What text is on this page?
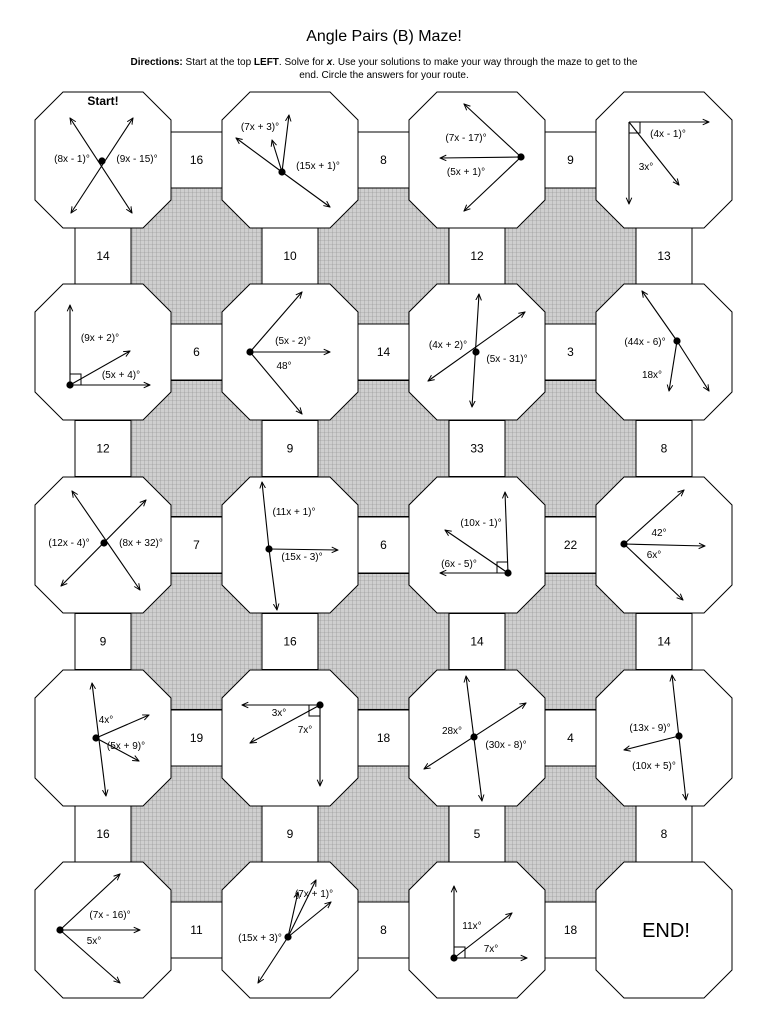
Angle Pairs (B) Maze!
Directions: Start at the top LEFT. Solve for x. Use your solutions to make your way through the maze to get to the end. Circle the answers for your route.
16	8	9
6	14	3
7	6	22
19	18	4
11	8	18
14	10	12	13
12	9	33	8
9	16	14	14
16	9	5	8
Start!
(8x - 1)°	(9x - 15)°
(7x + 3)°
(15x + 1)°
(7x - 17)°
(5x + 1)°
(4x - 1)°
3x°
(9x + 2)°
(5x + 4)°
(5x - 2)°
48°
(4x + 2)°
(5x - 31)°
(44x - 6)°
18x°
(12x - 4)°	(8x + 32)°
(11x + 1)°
(15x - 3)°
(10x - 1)°
(6x - 5)°
42°
6x°
4x°
(5x + 9)°
3x°
7x°	28x°
(30x - 8)°
(13x - 9)°
(10x + 5)°
(7x - 16)°
5x°
(7x + 1)°
(15x + 3)°
11x°
7x°
END!
